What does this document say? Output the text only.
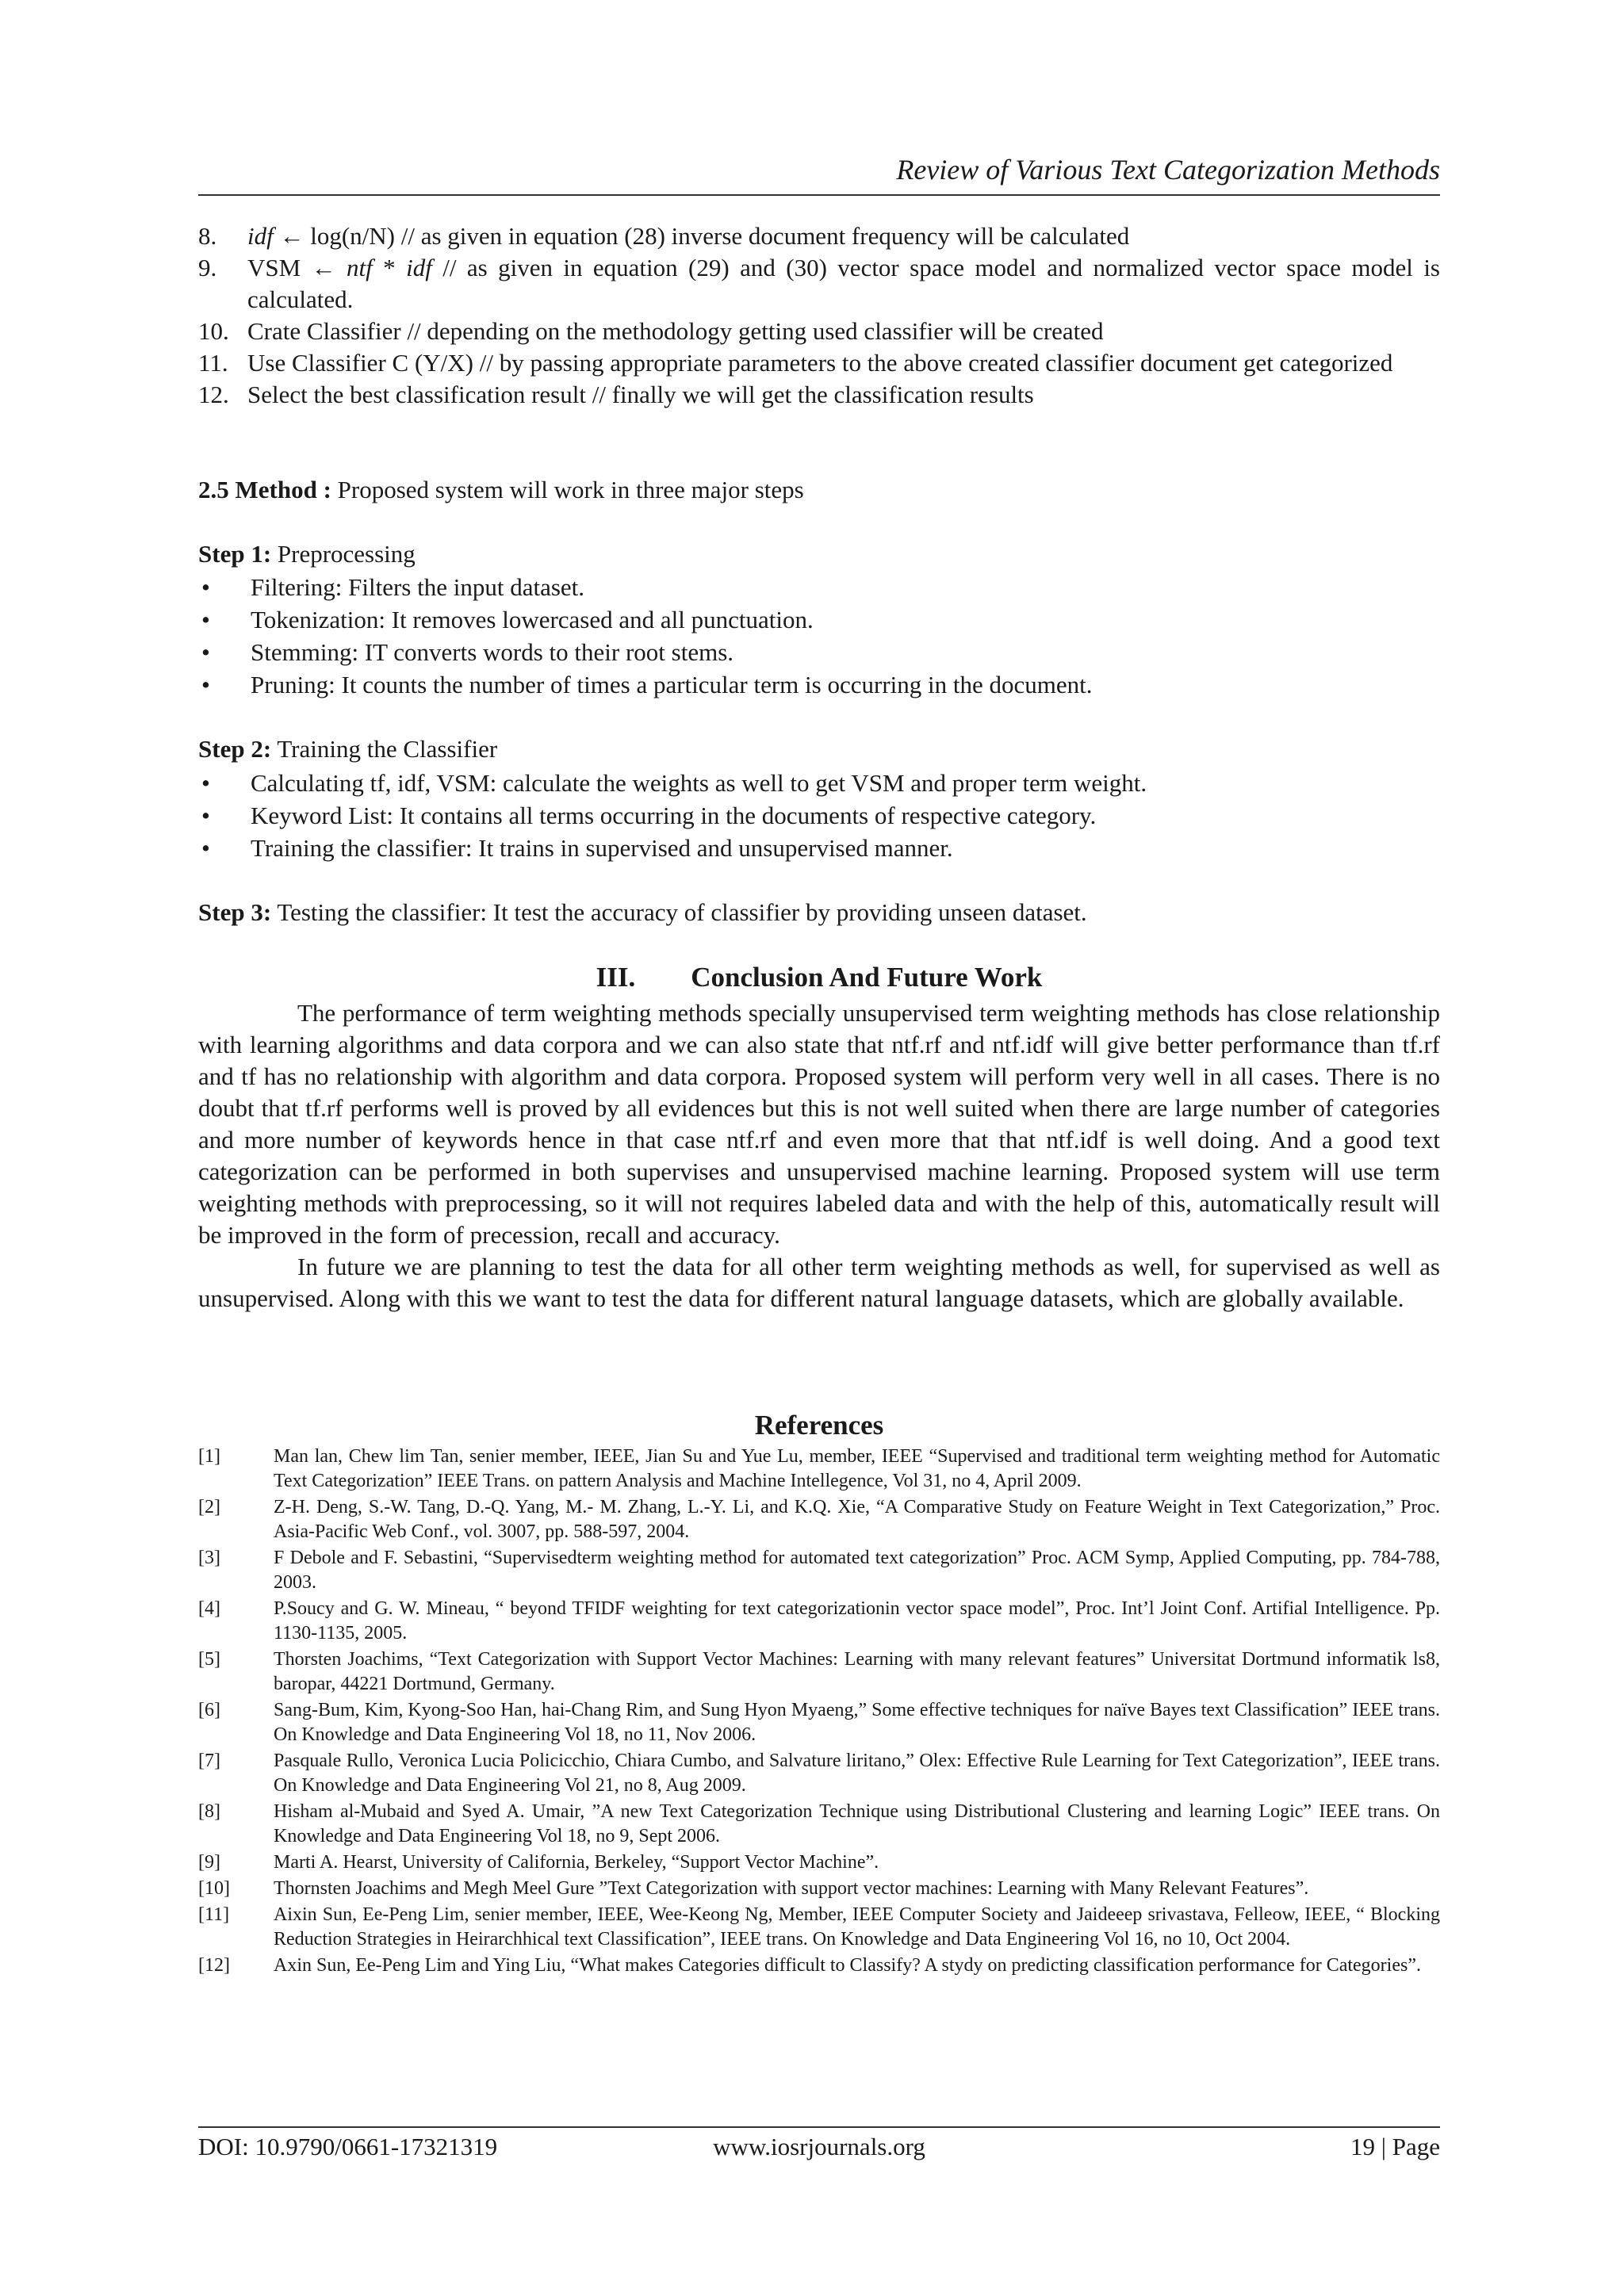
Review of Various Text Categorization Methods
8.	idf ← log(n/N) // as given in equation (28) inverse document frequency will be calculated
9.	VSM ← ntf * idf // as given in equation (29) and (30) vector space model and normalized vector space model is calculated.
10. Crate Classifier // depending on the methodology getting used classifier will be created
11. Use Classifier C (Y/X) // by passing appropriate parameters to the above created classifier document get categorized
12. Select the best classification result // finally we will get the classification results
2.5 Method : Proposed system will work in three major steps
Step 1: Preprocessing
•	Filtering: Filters the input dataset.
•	Tokenization: It removes lowercased and all punctuation.
•	Stemming: IT converts words to their root stems.
•	Pruning: It counts the number of times a particular term is occurring in the document.
Step 2: Training the Classifier
•	Calculating tf, idf, VSM: calculate the weights as well to get VSM and proper term weight.
•	Keyword List: It contains all terms occurring in the documents of respective category.
•	Training the classifier: It trains in supervised and unsupervised manner.
Step 3: Testing the classifier: It test the accuracy of classifier by providing unseen dataset.
III. Conclusion And Future Work

The performance of term weighting methods specially unsupervised term weighting methods has close relationship with learning algorithms and data corpora and we can also state that ntf.rf and ntf.idf will give better performance than tf.rf and tf has no relationship with algorithm and data corpora. Proposed system will perform very well in all cases. There is no doubt that tf.rf performs well is proved by all evidences but this is not well suited when there are large number of categories and more number of keywords hence in that case ntf.rf and even more that that ntf.idf is well doing. And a good text categorization can be performed in both supervises and unsupervised machine learning. Proposed system will use term weighting methods with preprocessing, so it will not requires labeled data and with the help of this, automatically result will be improved in the form of precession, recall and accuracy.

In future we are planning to test the data for all other term weighting methods as well, for supervised as well as unsupervised. Along with this we want to test the data for different natural language datasets, which are globally available.

References
[1]	Man lan, Chew lim Tan, senier member, IEEE, Jian Su and Yue Lu, member, IEEE “Supervised and traditional term weighting method for Automatic Text Categorization” IEEE Trans. on pattern Analysis and Machine Intellegence, Vol 31, no 4, April 2009.
[2]	Z-H. Deng, S.-W. Tang, D.-Q. Yang, M.- M. Zhang, L.-Y. Li, and K.Q. Xie, “A Comparative Study on Feature Weight in Text Categorization,” Proc. Asia-Pacific Web Conf., vol. 3007, pp. 588-597, 2004.
[3]	F Debole and F. Sebastini, “Supervisedterm weighting method for automated text categorization” Proc. ACM Symp, Applied Computing, pp. 784-788, 2003.
[4]	P.Soucy and G. W. Mineau, “ beyond TFIDF weighting for text categorizationin vector space model”, Proc. Int’l Joint Conf. Artifial Intelligence. Pp. 1130-1135, 2005.
[5]	Thorsten Joachims, “Text Categorization with Support Vector Machines: Learning with many relevant features” Universitat Dortmund informatik ls8, baropar, 44221 Dortmund, Germany.
[6]	Sang-Bum, Kim, Kyong-Soo Han, hai-Chang Rim, and Sung Hyon Myaeng,” Some effective techniques for naïve Bayes text Classification” IEEE trans. On Knowledge and Data Engineering Vol 18, no 11, Nov 2006.
[7]	Pasquale Rullo, Veronica Lucia Policicchio, Chiara Cumbo, and Salvature liritano,” Olex: Effective Rule Learning for Text Categorization”, IEEE trans. On Knowledge and Data Engineering Vol 21, no 8, Aug 2009.
[8]	Hisham al-Mubaid and Syed A. Umair, ”A new Text Categorization Technique using Distributional Clustering and learning Logic” IEEE trans. On Knowledge and Data Engineering Vol 18, no 9, Sept 2006.
[9]	Marti A. Hearst, University of California, Berkeley, “Support Vector Machine”.
[10]	Thornsten Joachims and Megh Meel Gure ”Text Categorization with support vector machines: Learning with Many Relevant Features”.
[11]	Aixin Sun, Ee-Peng Lim, senier member, IEEE, Wee-Keong Ng, Member, IEEE Computer Society and Jaideeep srivastava, Felleow, IEEE, “ Blocking Reduction Strategies in Heirarchhical text Classification”, IEEE trans. On Knowledge and Data Engineering Vol 16, no 10, Oct 2004.
[12]	Axin Sun, Ee-Peng Lim and Ying Liu, “What makes Categories difficult to Classify? A stydy on predicting classification performance for Categories”.
DOI: 10.9790/0661-17321319	www.iosrjournals.org	19 | Page
